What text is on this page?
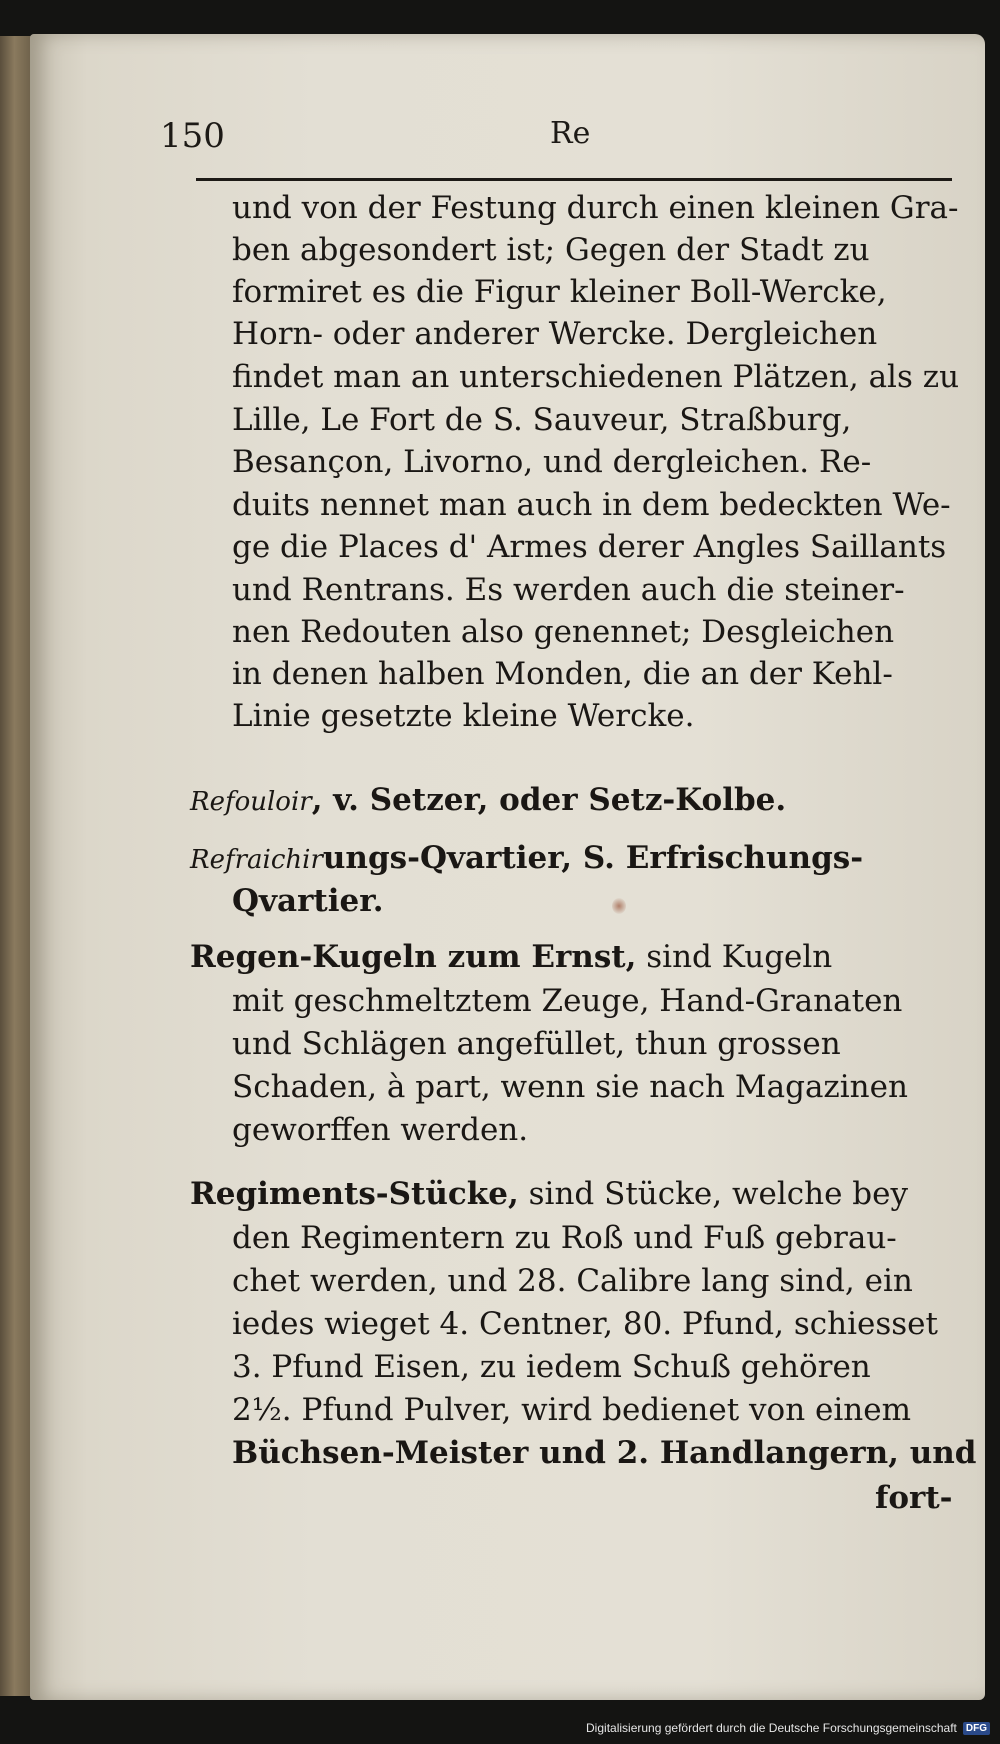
150	Re
und von der Festung durch einen kleinen Gra-
ben abgesondert ist; Gegen der Stadt zu
formiret es die Figur kleiner Boll-Wercke,
Horn- oder anderer Wercke. Dergleichen
findet man an unterschiedenen Plätzen, als zu
Lille, Le Fort de S. Sauveur, Straßburg,
Besançon, Livorno, und dergleichen. Re-
duits nennet man auch in dem bedeckten We-
ge die Places d' Armes derer Angles Saillants
und Rentrans. Es werden auch die steiner-
nen Redouten also genennet; Desgleichen
in denen halben Monden, die an der Kehl-
Linie gesetzte kleine Wercke.
Refouloir, v. Setzer, oder Setz-Kolbe.
Refraichirungs-Qvartier, S. Erfrischungs-
Qvartier.
Regen-Kugeln zum Ernst, sind Kugeln
mit geschmeltztem Zeuge, Hand-Granaten
und Schlägen angefüllet, thun grossen
Schaden, à part, wenn sie nach Magazinen
geworffen werden.
Regiments-Stücke, sind Stücke, welche bey
den Regimentern zu Roß und Fuß gebrau-
chet werden, und 28. Calibre lang sind, ein
iedes wieget 4. Centner, 80. Pfund, schiesset
3. Pfund Eisen, zu iedem Schuß gehören
2½. Pfund Pulver, wird bedienet von einem
Büchsen-Meister und 2. Handlangern, und
fort-
Digitalisierung gefördert durch die Deutsche Forschungsgemeinschaft DFG
